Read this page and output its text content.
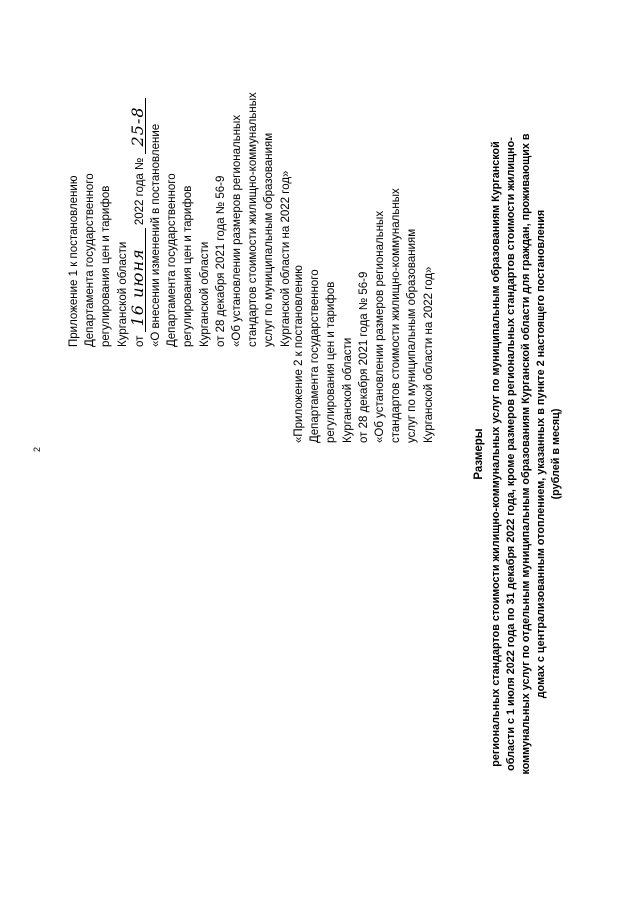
2
Приложение 1 к постановлению Департамента государственного регулирования цен и тарифов Курганской области от 16 июня 2022 года № 25-8 «О внесении изменений в постановление Департамента государственного регулирования цен и тарифов Курганской области от 28 декабря 2021 года № 56-9 «Об установлении размеров региональных стандартов стоимости жилищно-коммунальных услуг по муниципальным образованиям Курганской области на 2022 год»
«Приложение 2 к постановлению Департамента государственного регулирования цен и тарифов Курганской области от 28 декабря 2021 года № 56-9 «Об установлении размеров региональных стандартов стоимости жилищно-коммунальных услуг по муниципальным образованиям Курганской области на 2022 год»
Размеры региональных стандартов стоимости жилищно-коммунальных услуг по муниципальным образованиям Курганской области с 1 июля 2022 года по 31 декабря 2022 года, кроме размеров региональных стандартов стоимости жилищно- коммунальных услуг по отдельным муниципальным образованиям Курганской области для граждан, проживающих в домах с централизованным отоплением, указанных в пункте 2 настоящего постановления (рублей в месяц)
